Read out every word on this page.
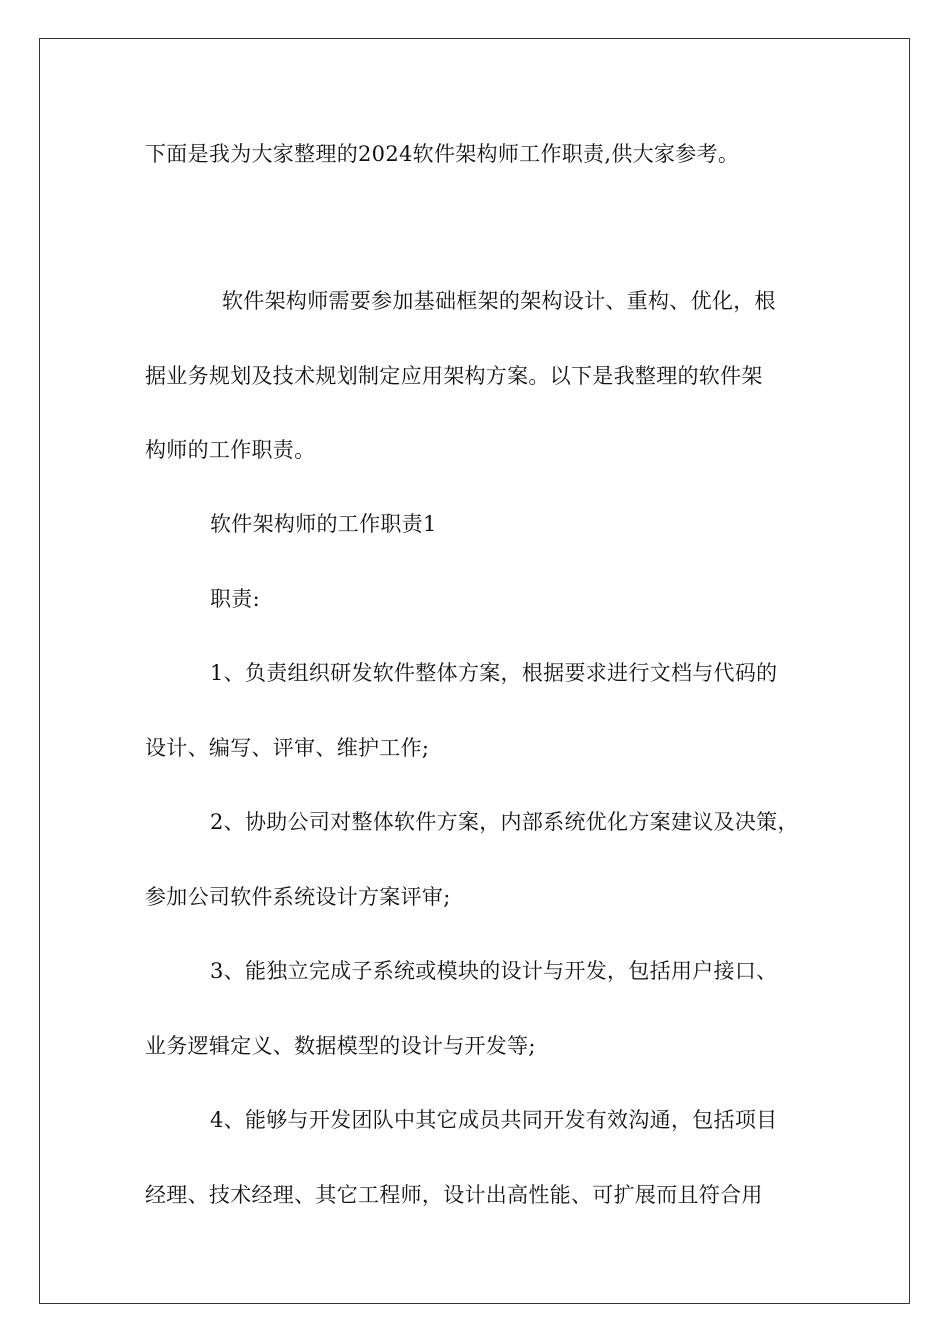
下面是我为大家整理的2024软件架构师工作职责,供大家参考。
软件架构师需要参加基础框架的架构设计、重构、优化，根
据业务规划及技术规划制定应用架构方案。以下是我整理的软件架
构师的工作职责。
软件架构师的工作职责1
职责:
1、负责组织研发软件整体方案，根据要求进行文档与代码的
设计、编写、评审、维护工作;
2、协助公司对整体软件方案，内部系统优化方案建议及决策，
参加公司软件系统设计方案评审;
3、能独立完成子系统或模块的设计与开发，包括用户接口、
业务逻辑定义、数据模型的设计与开发等;
4、能够与开发团队中其它成员共同开发有效沟通，包括项目
经理、技术经理、其它工程师，设计出高性能、可扩展而且符合用
